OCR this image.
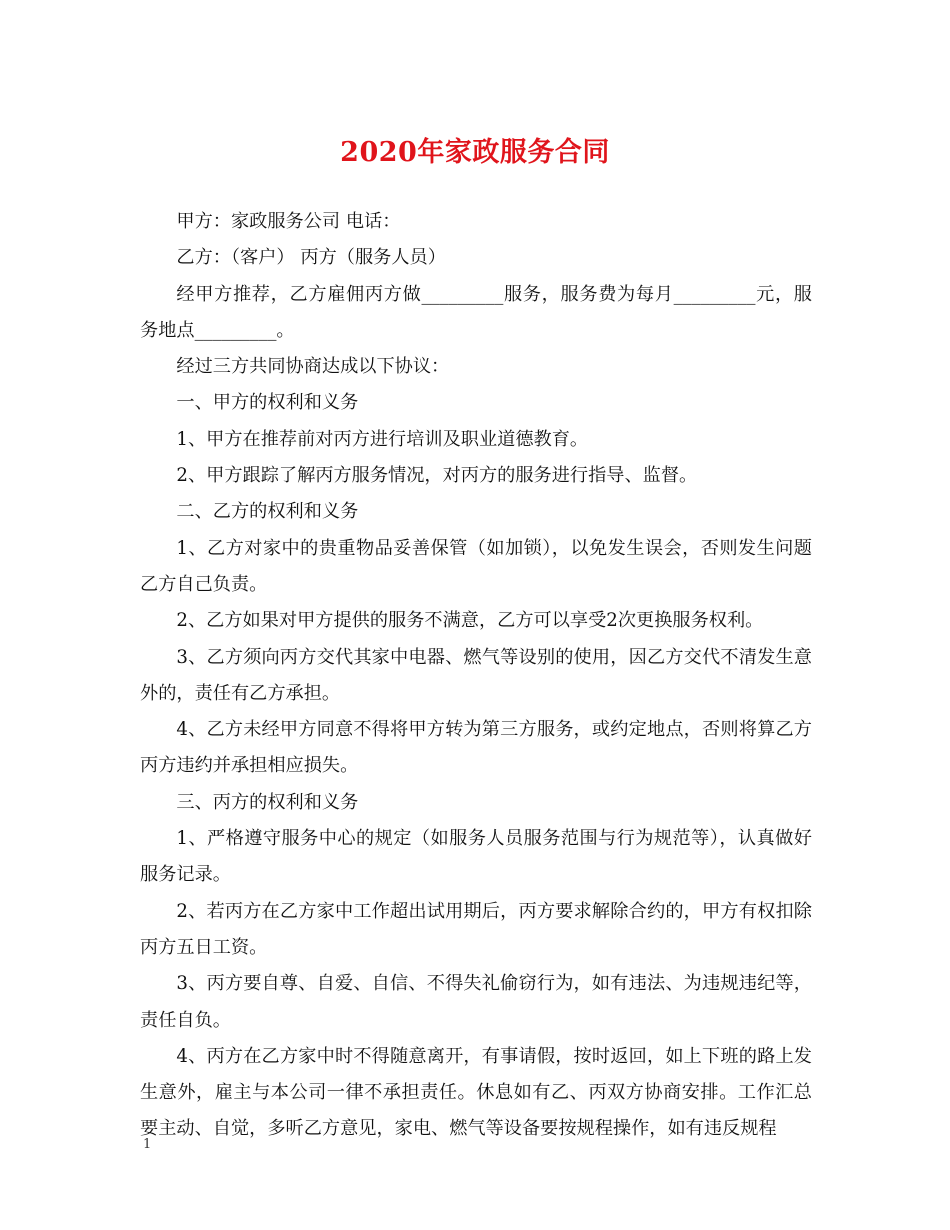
2020年家政服务合同

甲方：家政服务公司 电话：

乙方：（客户） 丙方（服务人员）

经甲方推荐，乙方雇佣丙方做_________服务，服务费为每月_________元，服务地点_________。

经过三方共同协商达成以下协议：

一、甲方的权利和义务

1、甲方在推荐前对丙方进行培训及职业道德教育。

2、甲方跟踪了解丙方服务情况，对丙方的服务进行指导、监督。

二、乙方的权利和义务

1、乙方对家中的贵重物品妥善保管（如加锁），以免发生误会，否则发生问题乙方自己负责。

2、乙方如果对甲方提供的服务不满意，乙方可以享受2次更换服务权利。

3、乙方须向丙方交代其家中电器、燃气等设别的使用，因乙方交代不清发生意外的，责任有乙方承担。

4、乙方未经甲方同意不得将甲方转为第三方服务，或约定地点，否则将算乙方丙方违约并承担相应损失。

三、丙方的权利和义务

1、严格遵守服务中心的规定（如服务人员服务范围与行为规范等），认真做好服务记录。

2、若丙方在乙方家中工作超出试用期后，丙方要求解除合约的，甲方有权扣除丙方五日工资。

3、丙方要自尊、自爱、自信、不得失礼偷窃行为，如有违法、为违规违纪等，责任自负。

4、丙方在乙方家中时不得随意离开，有事请假，按时返回，如上下班的路上发生意外，雇主与本公司一律不承担责任。休息如有乙、丙双方协商安排。工作汇总要主动、自觉，多听乙方意见，家电、燃气等设备要按规程操作，如有违反规程

1
